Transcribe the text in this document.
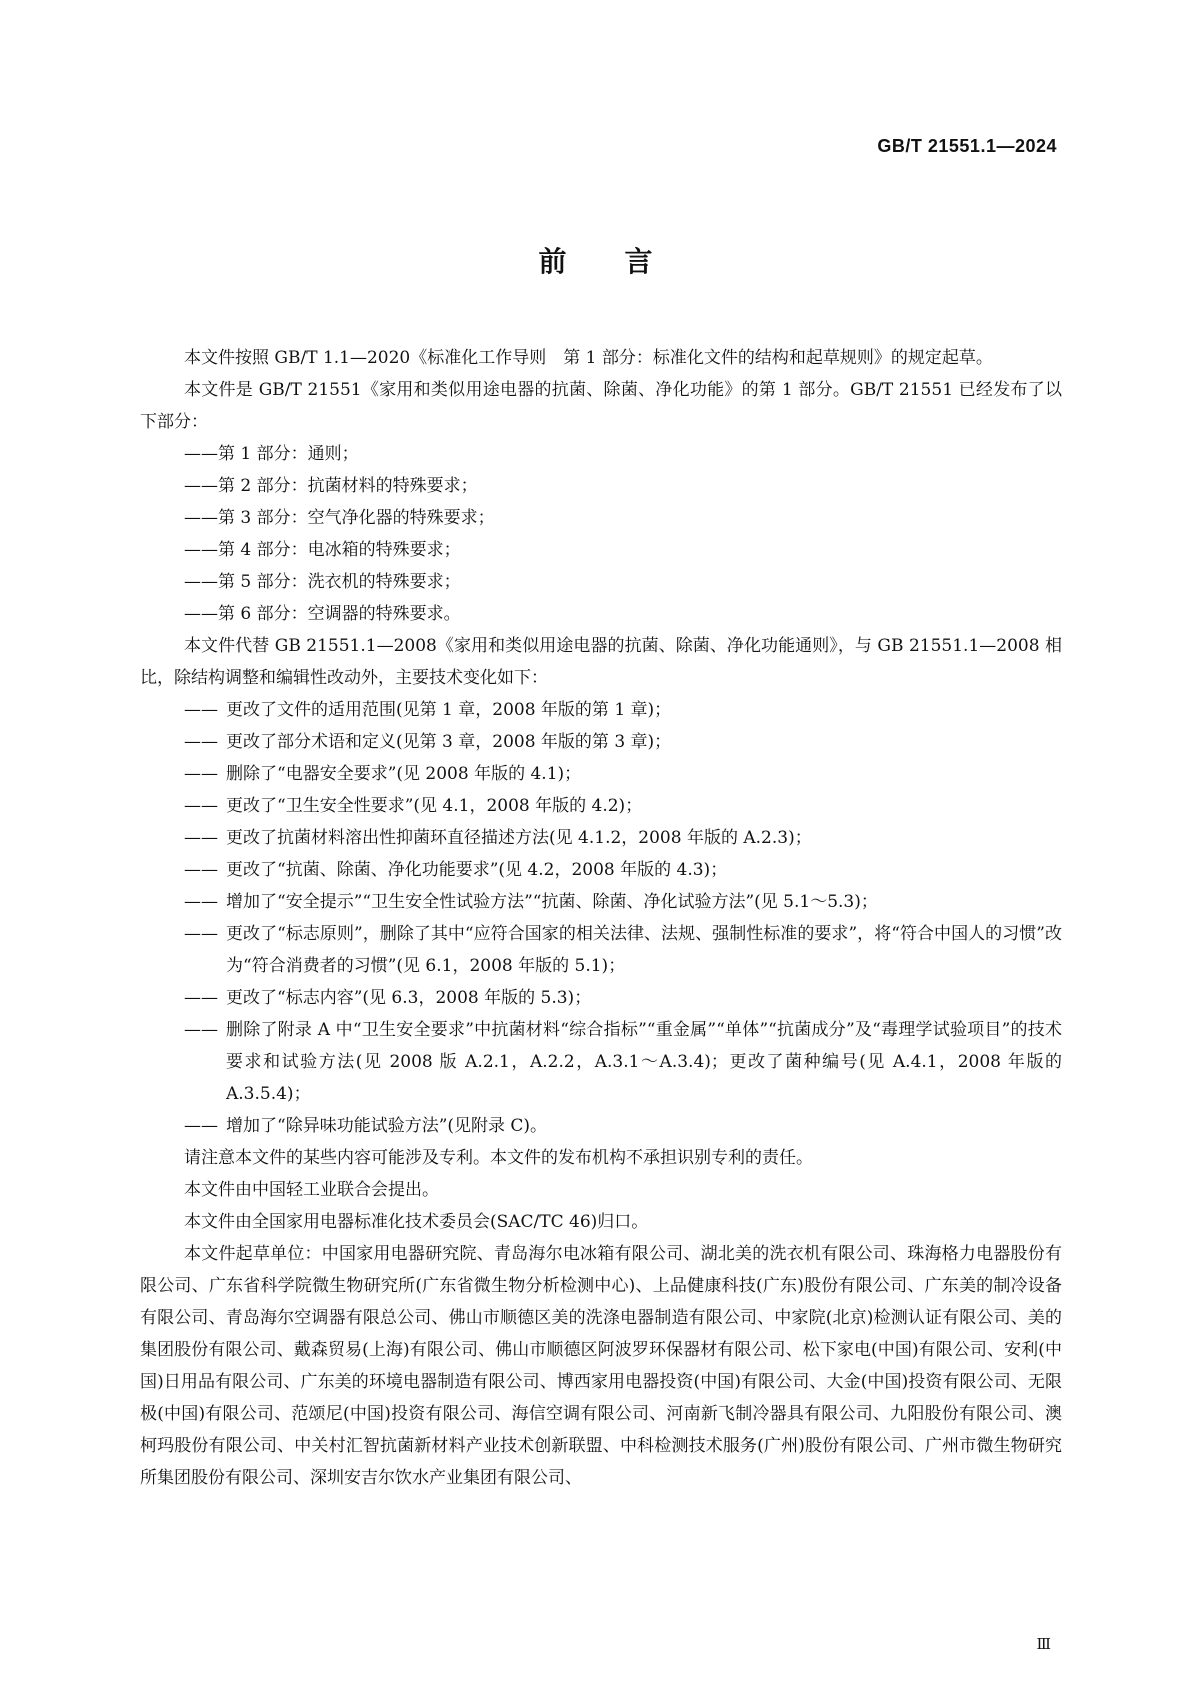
GB/T 21551.1—2024
前言

本文件按照 GB/T 1.1—2020《标准化工作导则　第 1 部分：标准化文件的结构和起草规则》的规定起草。

本文件是 GB/T 21551《家用和类似用途电器的抗菌、除菌、净化功能》的第 1 部分。GB/T 21551 已经发布了以下部分：

——第 1 部分：通则；

——第 2 部分：抗菌材料的特殊要求；

——第 3 部分：空气净化器的特殊要求；

——第 4 部分：电冰箱的特殊要求；

——第 5 部分：洗衣机的特殊要求；

——第 6 部分：空调器的特殊要求。

本文件代替 GB 21551.1—2008《家用和类似用途电器的抗菌、除菌、净化功能通则》，与 GB 21551.1—2008 相比，除结构调整和编辑性改动外，主要技术变化如下：

—— 更改了文件的适用范围(见第 1 章，2008 年版的第 1 章)；
—— 更改了部分术语和定义(见第 3 章，2008 年版的第 3 章)；
—— 删除了“电器安全要求”(见 2008 年版的 4.1)；
—— 更改了“卫生安全性要求”(见 4.1，2008 年版的 4.2)；
—— 更改了抗菌材料溶出性抑菌环直径描述方法(见 4.1.2，2008 年版的 A.2.3)；
—— 更改了“抗菌、除菌、净化功能要求”(见 4.2，2008 年版的 4.3)；
—— 增加了“安全提示”“卫生安全性试验方法”“抗菌、除菌、净化试验方法”(见 5.1～5.3)；
—— 更改了“标志原则”，删除了其中“应符合国家的相关法律、法规、强制性标准的要求”，将“符合中国人的习惯”改为“符合消费者的习惯”(见 6.1，2008 年版的 5.1)；
—— 更改了“标志内容”(见 6.3，2008 年版的 5.3)；
—— 删除了附录 A 中“卫生安全要求”中抗菌材料“综合指标”“重金属”“单体”“抗菌成分”及“毒理学试验项目”的技术要求和试验方法(见 2008 版 A.2.1，A.2.2，A.3.1～A.3.4)；更改了菌种编号(见 A.4.1，2008 年版的 A.3.5.4)；
—— 增加了“除异味功能试验方法”(见附录 C)。

请注意本文件的某些内容可能涉及专利。本文件的发布机构不承担识别专利的责任。

本文件由中国轻工业联合会提出。

本文件由全国家用电器标准化技术委员会(SAC/TC 46)归口。

本文件起草单位：中国家用电器研究院、青岛海尔电冰箱有限公司、湖北美的洗衣机有限公司、珠海格力电器股份有限公司、广东省科学院微生物研究所(广东省微生物分析检测中心)、上品健康科技(广东)股份有限公司、广东美的制冷设备有限公司、青岛海尔空调器有限总公司、佛山市顺德区美的洗涤电器制造有限公司、中家院(北京)检测认证有限公司、美的集团股份有限公司、戴森贸易(上海)有限公司、佛山市顺德区阿波罗环保器材有限公司、松下家电(中国)有限公司、安利(中国)日用品有限公司、广东美的环境电器制造有限公司、博西家用电器投资(中国)有限公司、大金(中国)投资有限公司、无限极(中国)有限公司、范颂尼(中国)投资有限公司、海信空调有限公司、河南新飞制冷器具有限公司、九阳股份有限公司、澳柯玛股份有限公司、中关村汇智抗菌新材料产业技术创新联盟、中科检测技术服务(广州)股份有限公司、广州市微生物研究所集团股份有限公司、深圳安吉尔饮水产业集团有限公司、

Ⅲ
